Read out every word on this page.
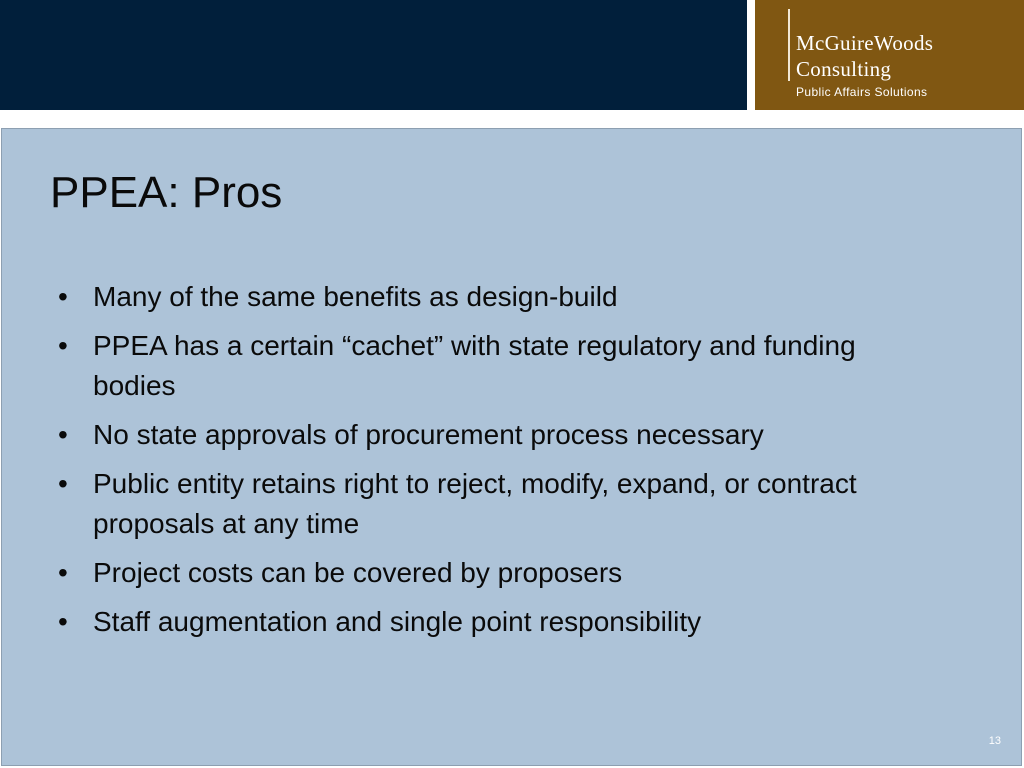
McGuireWoods
Consulting
Public Affairs Solutions
PPEA: Pros
• Many of the same benefits as design-build
• PPEA has a certain “cachet” with state regulatory and funding bodies
• No state approvals of procurement process necessary
• Public entity retains right to reject, modify, expand, or contract proposals at any time
• Project costs can be covered by proposers
• Staff augmentation and single point responsibility
13
